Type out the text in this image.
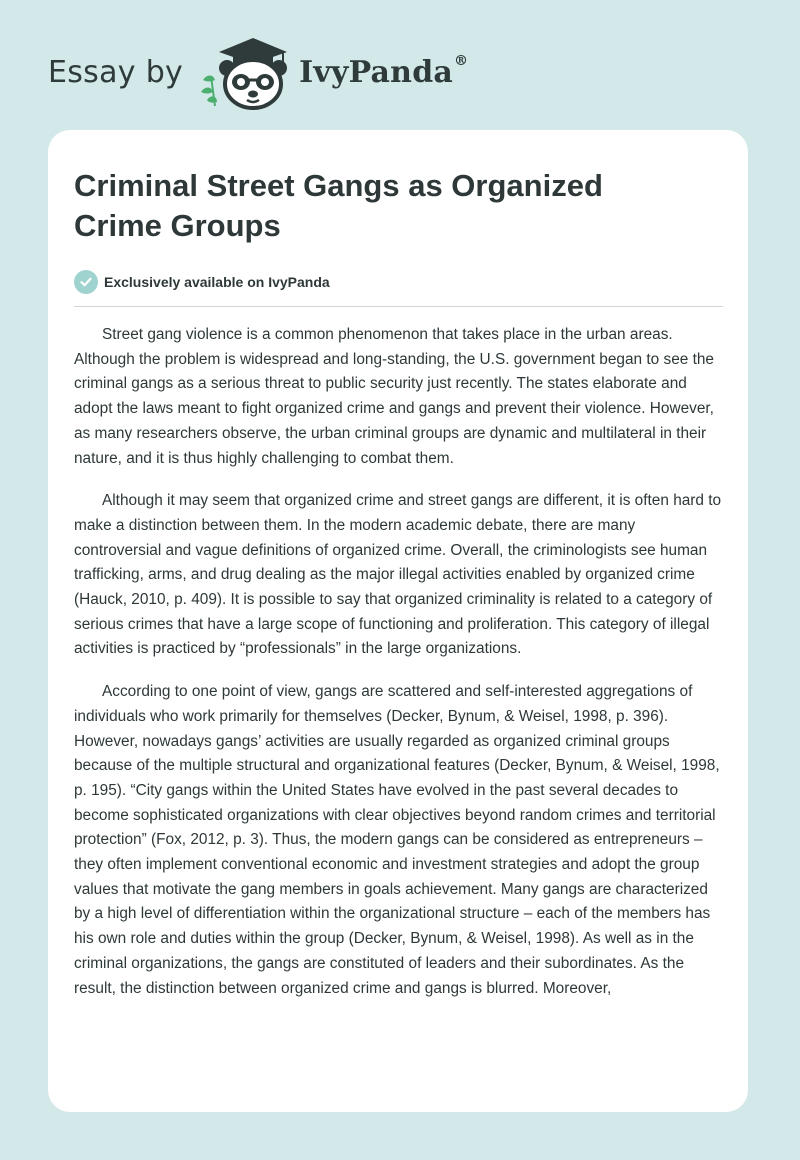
Essay by	IvyPanda®
Criminal Street Gangs as Organized Crime Groups
Exclusively available on IvyPanda

Street gang violence is a common phenomenon that takes place in the urban areas. Although the problem is widespread and long-standing, the U.S. government began to see the criminal gangs as a serious threat to public security just recently. The states elaborate and adopt the laws meant to fight organized crime and gangs and prevent their violence. However, as many researchers observe, the urban criminal groups are dynamic and multilateral in their nature, and it is thus highly challenging to combat them.

Although it may seem that organized crime and street gangs are different, it is often hard to make a distinction between them. In the modern academic debate, there are many controversial and vague definitions of organized crime. Overall, the criminologists see human trafficking, arms, and drug dealing as the major illegal activities enabled by organized crime (Hauck, 2010, p. 409). It is possible to say that organized criminality is related to a category of serious crimes that have a large scope of functioning and proliferation. This category of illegal activities is practiced by “professionals” in the large organizations.

According to one point of view, gangs are scattered and self-interested aggregations of individuals who work primarily for themselves (Decker, Bynum, & Weisel, 1998, p. 396). However, nowadays gangs’ activities are usually regarded as organized criminal groups because of the multiple structural and organizational features (Decker, Bynum, & Weisel, 1998, p. 195). “City gangs within the United States have evolved in the past several decades to become sophisticated organizations with clear objectives beyond random crimes and territorial protection” (Fox, 2012, p. 3). Thus, the modern gangs can be considered as entrepreneurs – they often implement conventional economic and investment strategies and adopt the group values that motivate the gang members in goals achievement. Many gangs are characterized by a high level of differentiation within the organizational structure – each of the members has his own role and duties within the group (Decker, Bynum, & Weisel, 1998). As well as in the criminal organizations, the gangs are constituted of leaders and their subordinates. As the result, the distinction between organized crime and gangs is blurred. Moreover,
